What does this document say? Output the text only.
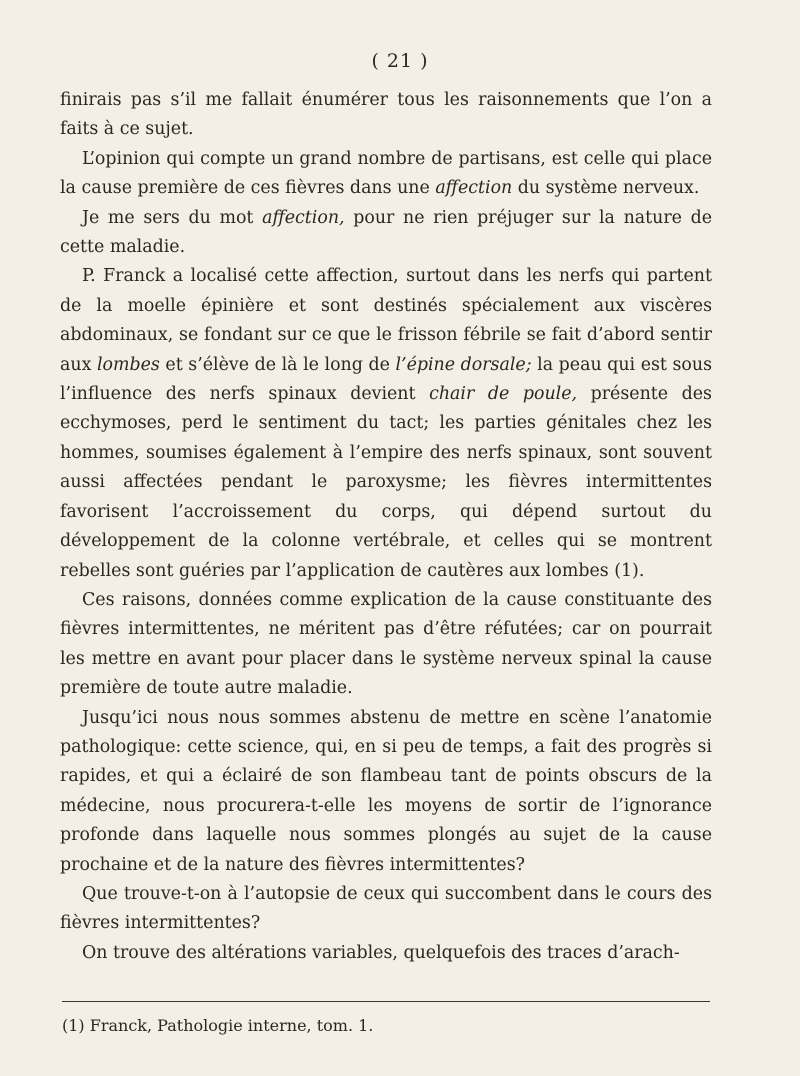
( 21 )

finirais pas s’il me fallait énumérer tous les raisonnements que l’on a faits à ce sujet.

L’opinion qui compte un grand nombre de partisans, est celle qui place la cause première de ces fièvres dans une affection du système nerveux.

Je me sers du mot affection, pour ne rien préjuger sur la nature de cette maladie.

P. Franck a localisé cette affection, surtout dans les nerfs qui partent de la moelle épinière et sont destinés spécialement aux viscères abdominaux, se fondant sur ce que le frisson fébrile se fait d’abord sentir aux lombes et s’élève de là le long de l’épine dorsale; la peau qui est sous l’influence des nerfs spinaux devient chair de poule, présente des ecchymoses, perd le sentiment du tact; les parties génitales chez les hommes, soumises également à l’empire des nerfs spinaux, sont souvent aussi affectées pendant le paroxysme; les fièvres intermittentes favorisent l’accroissement du corps, qui dépend surtout du développement de la colonne vertébrale, et celles qui se montrent rebelles sont guéries par l’application de cautères aux lombes (1).

Ces raisons, données comme explication de la cause constituante des fièvres intermittentes, ne méritent pas d’être réfutées; car on pourrait les mettre en avant pour placer dans le système nerveux spinal la cause première de toute autre maladie.

Jusqu’ici nous nous sommes abstenu de mettre en scène l’anatomie pathologique: cette science, qui, en si peu de temps, a fait des progrès si rapides, et qui a éclairé de son flambeau tant de points obscurs de la médecine, nous procurera-t-elle les moyens de sortir de l’ignorance profonde dans laquelle nous sommes plongés au sujet de la cause prochaine et de la nature des fièvres intermittentes?

Que trouve-t-on à l’autopsie de ceux qui succombent dans le cours des fièvres intermittentes?

On trouve des altérations variables, quelquefois des traces d’arach-

(1) Franck, Pathologie interne, tom. 1.
